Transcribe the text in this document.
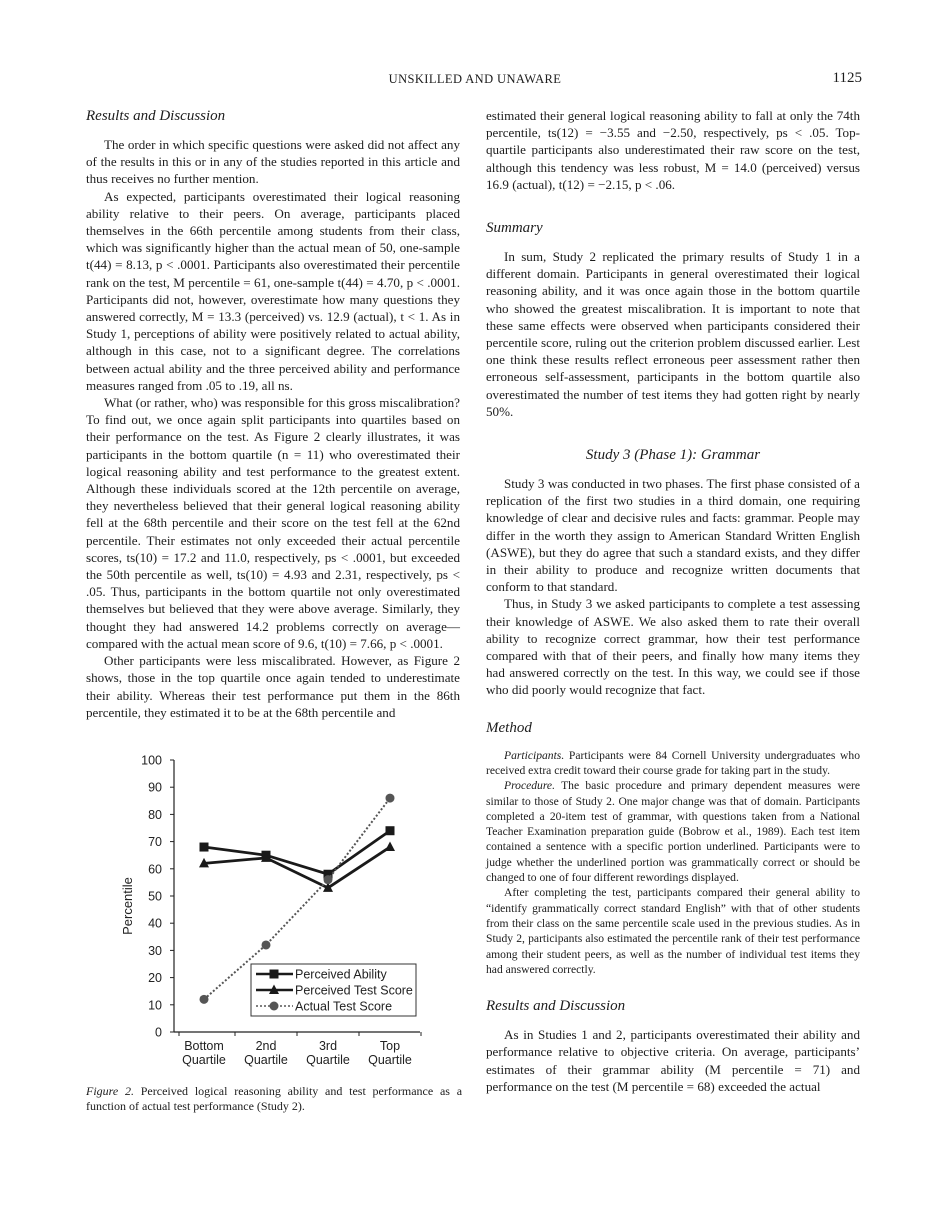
UNSKILLED AND UNAWARE	1125
Results and Discussion

The order in which specific questions were asked did not affect any of the results in this or in any of the studies reported in this article and thus receives no further mention.

As expected, participants overestimated their logical reasoning ability relative to their peers. On average, participants placed themselves in the 66th percentile among students from their class, which was significantly higher than the actual mean of 50, one-sample t(44) = 8.13, p < .0001. Participants also overestimated their percentile rank on the test, M percentile = 61, one-sample t(44) = 4.70, p < .0001. Participants did not, however, overestimate how many questions they answered correctly, M = 13.3 (perceived) vs. 12.9 (actual), t < 1. As in Study 1, perceptions of ability were positively related to actual ability, although in this case, not to a significant degree. The correlations between actual ability and the three perceived ability and performance measures ranged from .05 to .19, all ns.

What (or rather, who) was responsible for this gross miscalibration? To find out, we once again split participants into quartiles based on their performance on the test. As Figure 2 clearly illustrates, it was participants in the bottom quartile (n = 11) who overestimated their logical reasoning ability and test performance to the greatest extent. Although these individuals scored at the 12th percentile on average, they nevertheless believed that their general logical reasoning ability fell at the 68th percentile and their score on the test fell at the 62nd percentile. Their estimates not only exceeded their actual percentile scores, ts(10) = 17.2 and 11.0, respectively, ps < .0001, but exceeded the 50th percentile as well, ts(10) = 4.93 and 2.31, respectively, ps < .05. Thus, participants in the bottom quartile not only overestimated themselves but believed that they were above average. Similarly, they thought they had answered 14.2 problems correctly on average—compared with the actual mean score of 9.6, t(10) = 7.66, p < .0001.

Other participants were less miscalibrated. However, as Figure 2 shows, those in the top quartile once again tended to underestimate their ability. Whereas their test performance put them in the 86th percentile, they estimated it to be at the 68th percentile and

0
10
20
30
40
50
60
70
80
90
100
Bottom
Quartile
2nd
Quartile
3rd
Quartile
Top
Quartile
Percentile
Perceived Ability
Perceived Test Score
Actual Test Score
Figure 2. Perceived logical reasoning ability and test performance as a function of actual test performance (Study 2).

estimated their general logical reasoning ability to fall at only the 74th percentile, ts(12) = −3.55 and −2.50, respectively, ps < .05. Top-quartile participants also underestimated their raw score on the test, although this tendency was less robust, M = 14.0 (perceived) versus 16.9 (actual), t(12) = −2.15, p < .06.

Summary

In sum, Study 2 replicated the primary results of Study 1 in a different domain. Participants in general overestimated their logical reasoning ability, and it was once again those in the bottom quartile who showed the greatest miscalibration. It is important to note that these same effects were observed when participants considered their percentile score, ruling out the criterion problem discussed earlier. Lest one think these results reflect erroneous peer assessment rather then erroneous self-assessment, participants in the bottom quartile also overestimated the number of test items they had gotten right by nearly 50%.

Study 3 (Phase 1): Grammar

Study 3 was conducted in two phases. The first phase consisted of a replication of the first two studies in a third domain, one requiring knowledge of clear and decisive rules and facts: grammar. People may differ in the worth they assign to American Standard Written English (ASWE), but they do agree that such a standard exists, and they differ in their ability to produce and recognize written documents that conform to that standard.

Thus, in Study 3 we asked participants to complete a test assessing their knowledge of ASWE. We also asked them to rate their overall ability to recognize correct grammar, how their test performance compared with that of their peers, and finally how many items they had answered correctly on the test. In this way, we could see if those who did poorly would recognize that fact.

Method

Participants. Participants were 84 Cornell University undergraduates who received extra credit toward their course grade for taking part in the study.

Procedure. The basic procedure and primary dependent measures were similar to those of Study 2. One major change was that of domain. Participants completed a 20-item test of grammar, with questions taken from a National Teacher Examination preparation guide (Bobrow et al., 1989). Each test item contained a sentence with a specific portion underlined. Participants were to judge whether the underlined portion was grammatically correct or should be changed to one of four different rewordings displayed.

After completing the test, participants compared their general ability to “identify grammatically correct standard English” with that of other students from their class on the same percentile scale used in the previous studies. As in Study 2, participants also estimated the percentile rank of their test performance among their student peers, as well as the number of individual test items they had answered correctly.

Results and Discussion

As in Studies 1 and 2, participants overestimated their ability and performance relative to objective criteria. On average, participants’ estimates of their grammar ability (M percentile = 71) and performance on the test (M percentile = 68) exceeded the actual
